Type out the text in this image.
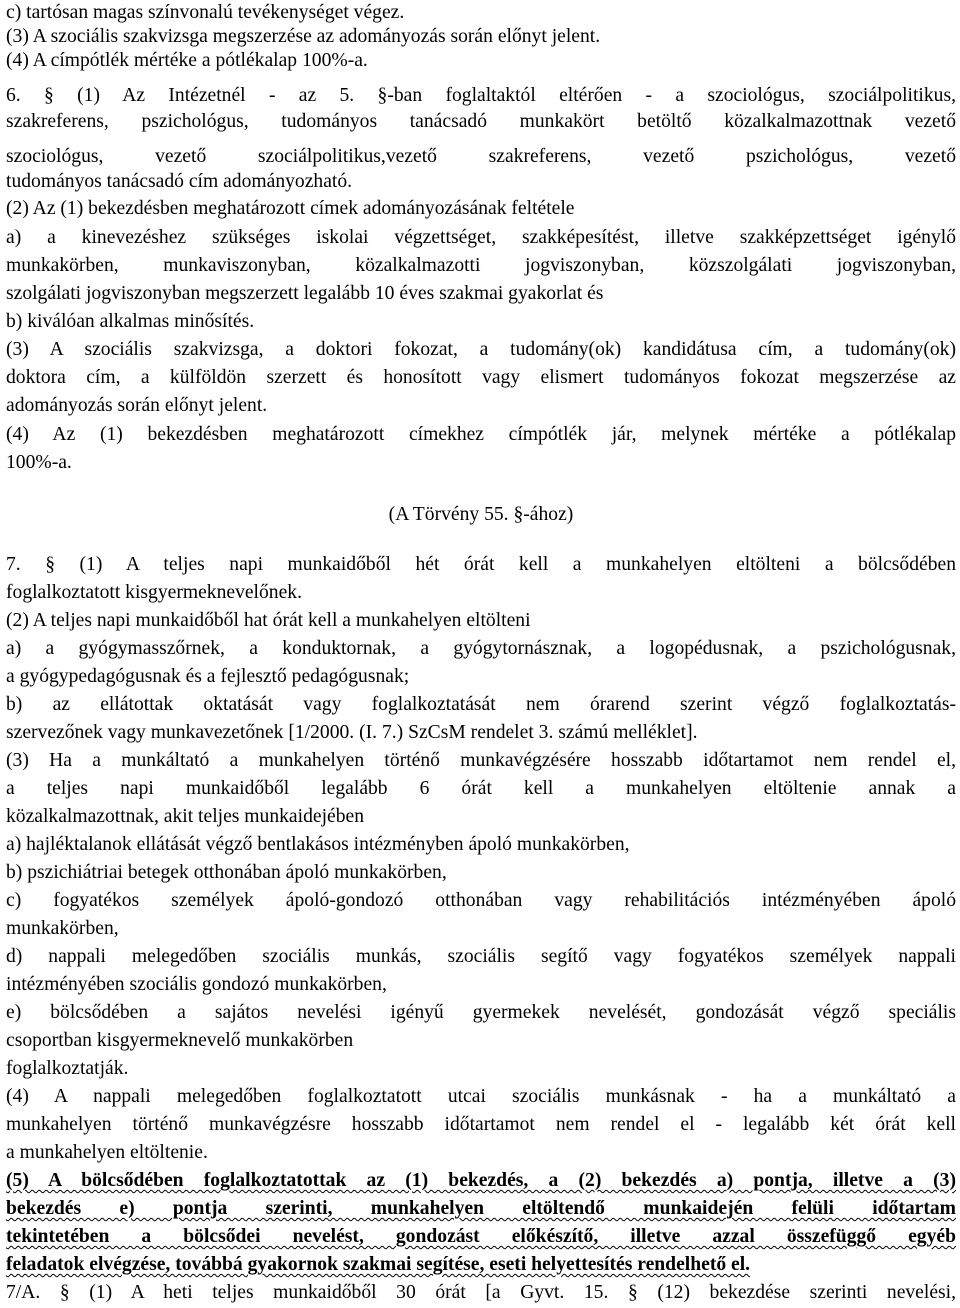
c) tartósan magas színvonalú tevékenységet végez.
(3) A szociális szakvizsga megszerzése az adományozás során előnyt jelent.
(4) A címpótlék mértéke a pótlékalap 100%-a.
6. § (1) Az Intézetnél - az 5. §-ban foglaltaktól eltérően - a szociológus, szociálpolitikus,
szakreferens, pszichológus, tudományos tanácsadó munkakört betöltő közalkalmazottnak vezető
szociológus, vezető szociálpolitikus,vezető szakreferens, vezető pszichológus, vezető
tudományos tanácsadó cím adományozható.
(2) Az (1) bekezdésben meghatározott címek adományozásának feltétele
a) a kinevezéshez szükséges iskolai végzettséget, szakképesítést, illetve szakképzettséget igénylő
munkakörben, munkaviszonyban, közalkalmazotti jogviszonyban, közszolgálati jogviszonyban,
szolgálati jogviszonyban megszerzett legalább 10 éves szakmai gyakorlat és
b) kiválóan alkalmas minősítés.
(3) A szociális szakvizsga, a doktori fokozat, a tudomány(ok) kandidátusa cím, a tudomány(ok)
doktora cím, a külföldön szerzett és honosított vagy elismert tudományos fokozat megszerzése az
adományozás során előnyt jelent.
(4) Az (1) bekezdésben meghatározott címekhez címpótlék jár, melynek mértéke a pótlékalap
100%-a.
(A Törvény 55. §-ához)
7. § (1) A teljes napi munkaidőből hét órát kell a munkahelyen eltölteni a bölcsődében
foglalkoztatott kisgyermeknevelőnek.
(2) A teljes napi munkaidőből hat órát kell a munkahelyen eltölteni
a) a gyógymasszőrnek, a konduktornak, a gyógytornásznak, a logopédusnak, a pszichológusnak,
a gyógypedagógusnak és a fejlesztő pedagógusnak;
b) az ellátottak oktatását vagy foglalkoztatását nem órarend szerint végző foglalkoztatás-
szervezőnek vagy munkavezetőnek [1/2000. (I. 7.) SzCsM rendelet 3. számú melléklet].
(3) Ha a munkáltató a munkahelyen történő munkavégzésére hosszabb időtartamot nem rendel el,
a teljes napi munkaidőből legalább 6 órát kell a munkahelyen eltöltenie annak a
közalkalmazottnak, akit teljes munkaidejében
a) hajléktalanok ellátását végző bentlakásos intézményben ápoló munkakörben,
b) pszichiátriai betegek otthonában ápoló munkakörben,
c) fogyatékos személyek ápoló-gondozó otthonában vagy rehabilitációs intézményében ápoló
munkakörben,
d) nappali melegedőben szociális munkás, szociális segítő vagy fogyatékos személyek nappali
intézményében szociális gondozó munkakörben,
e) bölcsődében a sajátos nevelési igényű gyermekek nevelését, gondozását végző speciális
csoportban kisgyermeknevelő munkakörben
foglalkoztatják.
(4) A nappali melegedőben foglalkoztatott utcai szociális munkásnak - ha a munkáltató a
munkahelyen történő munkavégzésre hosszabb időtartamot nem rendel el - legalább két órát kell
a munkahelyen eltöltenie.
(5) A bölcsődében foglalkoztatottak az (1) bekezdés, a (2) bekezdés a) pontja, illetve a (3)
bekezdés e) pontja szerinti, munkahelyen eltöltendő munkaidején felüli időtartam
tekintetében a bölcsődei nevelést, gondozást előkészítő, illetve azzal összefüggő egyéb
feladatok elvégzése, továbbá gyakornok szakmai segítése, eseti helyettesítés rendelhető el.
7/A. § (1) A heti teljes munkaidőből 30 órát [a Gyvt. 15. § (12) bekezdése szerinti nevelési,
